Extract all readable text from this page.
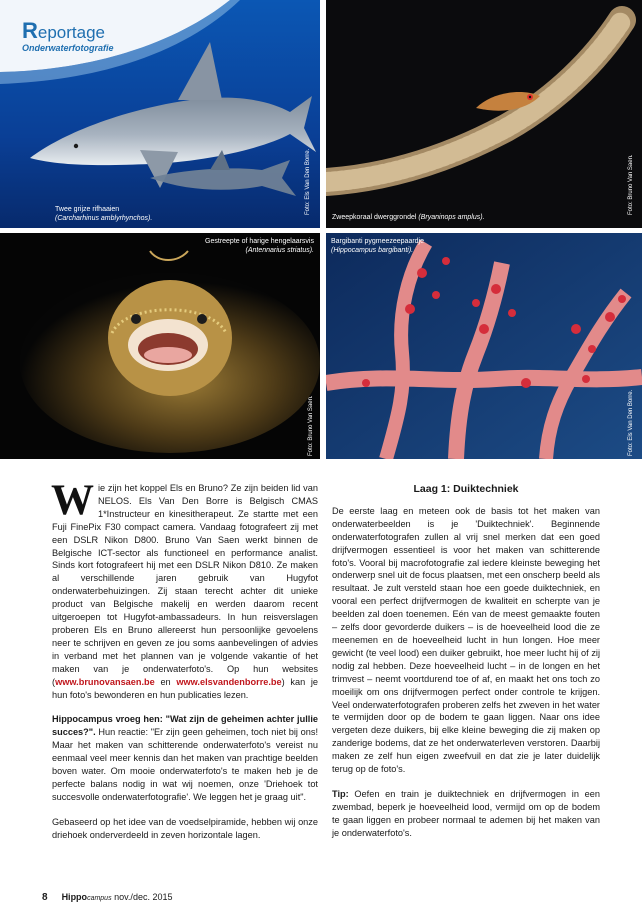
Reportage
Onderwaterfotografie
Twee grijze rifhaaien
(Carcharhinus amblyrhynchos).
Foto: Els Van Den Borre.
Zweepkoraal dwerggrondel (Bryaninops amplus).
Foto: Bruno Van Saen.
Gestreepte of harige hengelaarsvis
(Antennarius striatus).
Foto: Bruno Van Saen.
Bargibanti pygmeezeepaardje
(Hippocampus bargibanti).
Foto: Els Van Den Borre.

Wie zijn het koppel Els en Bruno? Ze zijn beiden lid van NELOS. Els Van Den Borre is Belgisch CMAS 1*Instructeur en kinesitherapeut. Ze startte met een Fuji FinePix F30 compact camera. Vandaag fotografeert zij met een DSLR Nikon D800. Bruno Van Saen werkt binnen de Belgische ICT-sector als functioneel en performance analist. Sinds kort fotografeert hij met een DSLR Nikon D810. Ze maken al verschillende jaren gebruik van Hugyfot onderwaterbehuizingen. Zij staan terecht achter dit unieke product van Belgische makelij en werden daarom recent uitgeroepen tot Hugyfot-ambassadeurs. In hun reisverslagen proberen Els en Bruno allereerst hun persoonlijke gevoelens neer te schrijven en geven ze jou soms aanbevelingen of advies in verband met het plannen van je volgende vakantie of het maken van je onderwaterfoto's. Op hun websites (www.brunovansaen.be en www.elsvandenborre.be) kan je hun foto's bewonderen en hun publicaties lezen.

Hippocampus vroeg hen: "Wat zijn de geheimen achter jullie succes?". Hun reactie: "Er zijn geen geheimen, toch niet bij ons! Maar het maken van schitterende onderwaterfoto's vereist nu eenmaal veel meer kennis dan het maken van prachtige beelden boven water. Om mooie onderwaterfoto's te maken heb je de perfecte balans nodig in wat wij noemen, onze 'Driehoek tot succesvolle onderwaterfotografie'. We leggen het je graag uit".

Gebaseerd op het idee van de voedselpiramide, hebben wij onze driehoek onderverdeeld in zeven horizontale lagen.

Laag 1: Duiktechniek

De eerste laag en meteen ook de basis tot het maken van onderwaterbeelden is je 'Duiktechniek'. Beginnende onderwaterfotografen zullen al vrij snel merken dat een goed drijfvermogen essentieel is voor het maken van schitterende foto's. Vooral bij macrofotografie zal iedere kleinste beweging het onderwerp snel uit de focus plaatsen, met een onscherp beeld als resultaat. Je zult versteld staan hoe een goede duiktechniek, en vooral een perfect drijfvermogen de kwaliteit en scherpte van je beelden zal doen toenemen. Eén van de meest gemaakte fouten – zelfs door gevorderde duikers – is de hoeveelheid lood die ze meenemen en de hoeveelheid lucht in hun longen. Hoe meer gewicht (te veel lood) een duiker gebruikt, hoe meer lucht hij of zij nodig zal hebben. Deze hoeveelheid lucht – in de longen en het trimvest – neemt voortdurend toe of af, en maakt het ons toch zo moeilijk om ons drijfvermogen perfect onder controle te krijgen. Veel onderwaterfotografen proberen zelfs het zweven in het water te vermijden door op de bodem te gaan liggen. Naar ons idee vergeten deze duikers, bij elke kleine beweging die zij maken op zanderige bodems, dat ze het onderwaterleven verstoren. Daarbij maken ze zelf hun eigen zweefvuil en dat zie je later duidelijk terug op de foto's.

Tip: Oefen en train je duiktechniek en drijfvermogen in een zwembad, beperk je hoeveelheid lood, vermijd om op de bodem te gaan liggen en probeer normaal te ademen bij het maken van je onderwaterfoto's.

8 Hippocampus nov./dec. 2015
